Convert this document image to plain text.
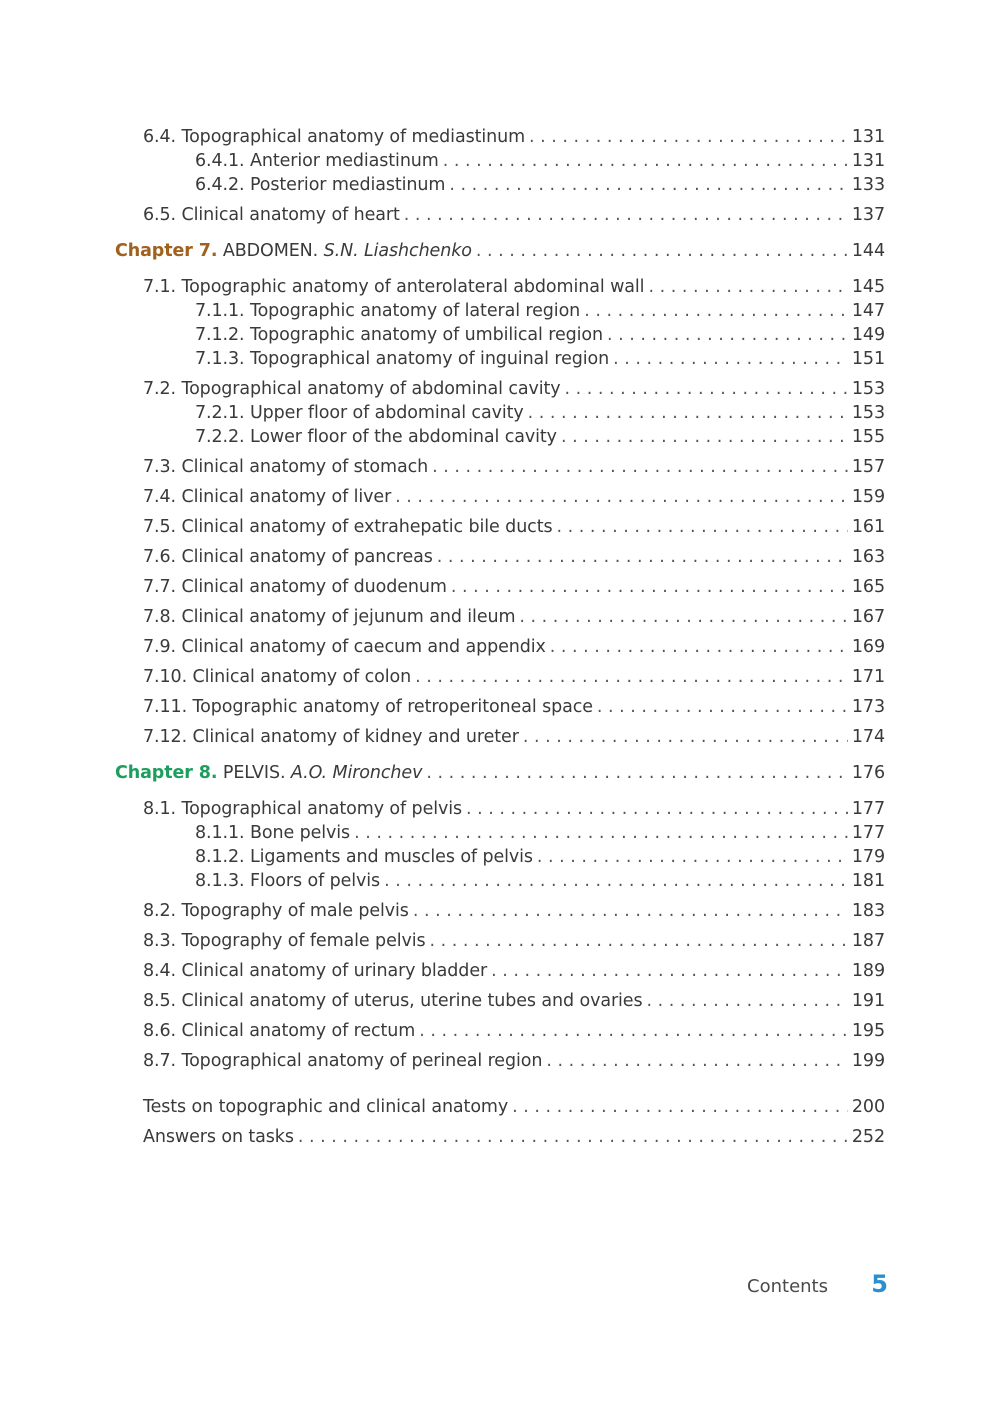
6.4. Topographical anatomy of mediastinum . . .	131
6.4.1. Anterior mediastinum . . .	131
6.4.2. Posterior mediastinum . . .	133
6.5. Clinical anatomy of heart . . .	137
Chapter 7. ABDOMEN. S.N. Liashchenko . . .	144
7.1. Topographic anatomy of anterolateral abdominal wall . . .	145
7.1.1. Topographic anatomy of lateral region . . .	147
7.1.2. Topographic anatomy of umbilical region . . .	149
7.1.3. Topographical anatomy of inguinal region . . .	151
7.2. Topographical anatomy of abdominal cavity . . .	153
7.2.1. Upper floor of abdominal cavity . . .	153
7.2.2. Lower floor of the abdominal cavity . . .	155
7.3. Clinical anatomy of stomach . . .	157
7.4. Clinical anatomy of liver . . .	159
7.5. Clinical anatomy of extrahepatic bile ducts . . .	161
7.6. Clinical anatomy of pancreas . . .	163
7.7. Clinical anatomy of duodenum . . .	165
7.8. Clinical anatomy of jejunum and ileum . . .	167
7.9. Clinical anatomy of caecum and appendix . . .	169
7.10. Clinical anatomy of colon . . .	171
7.11. Topographic anatomy of retroperitoneal space . . .	173
7.12. Clinical anatomy of kidney and ureter . . .	174
Chapter 8. PELVIS. A.O. Mironchev . . .	176
8.1. Topographical anatomy of pelvis . . .	177
8.1.1. Bone pelvis . . .	177
8.1.2. Ligaments and muscles of pelvis . . .	179
8.1.3. Floors of pelvis . . .	181
8.2. Topography of male pelvis . . .	183
8.3. Topography of female pelvis . . .	187
8.4. Clinical anatomy of urinary bladder . . .	189
8.5. Clinical anatomy of uterus, uterine tubes and ovaries . . .	191
8.6. Clinical anatomy of rectum . . .	195
8.7. Topographical anatomy of perineal region . . .	199
Tests on topographic and clinical anatomy . . .	200
Answers on tasks . . .	252
Contents 5
